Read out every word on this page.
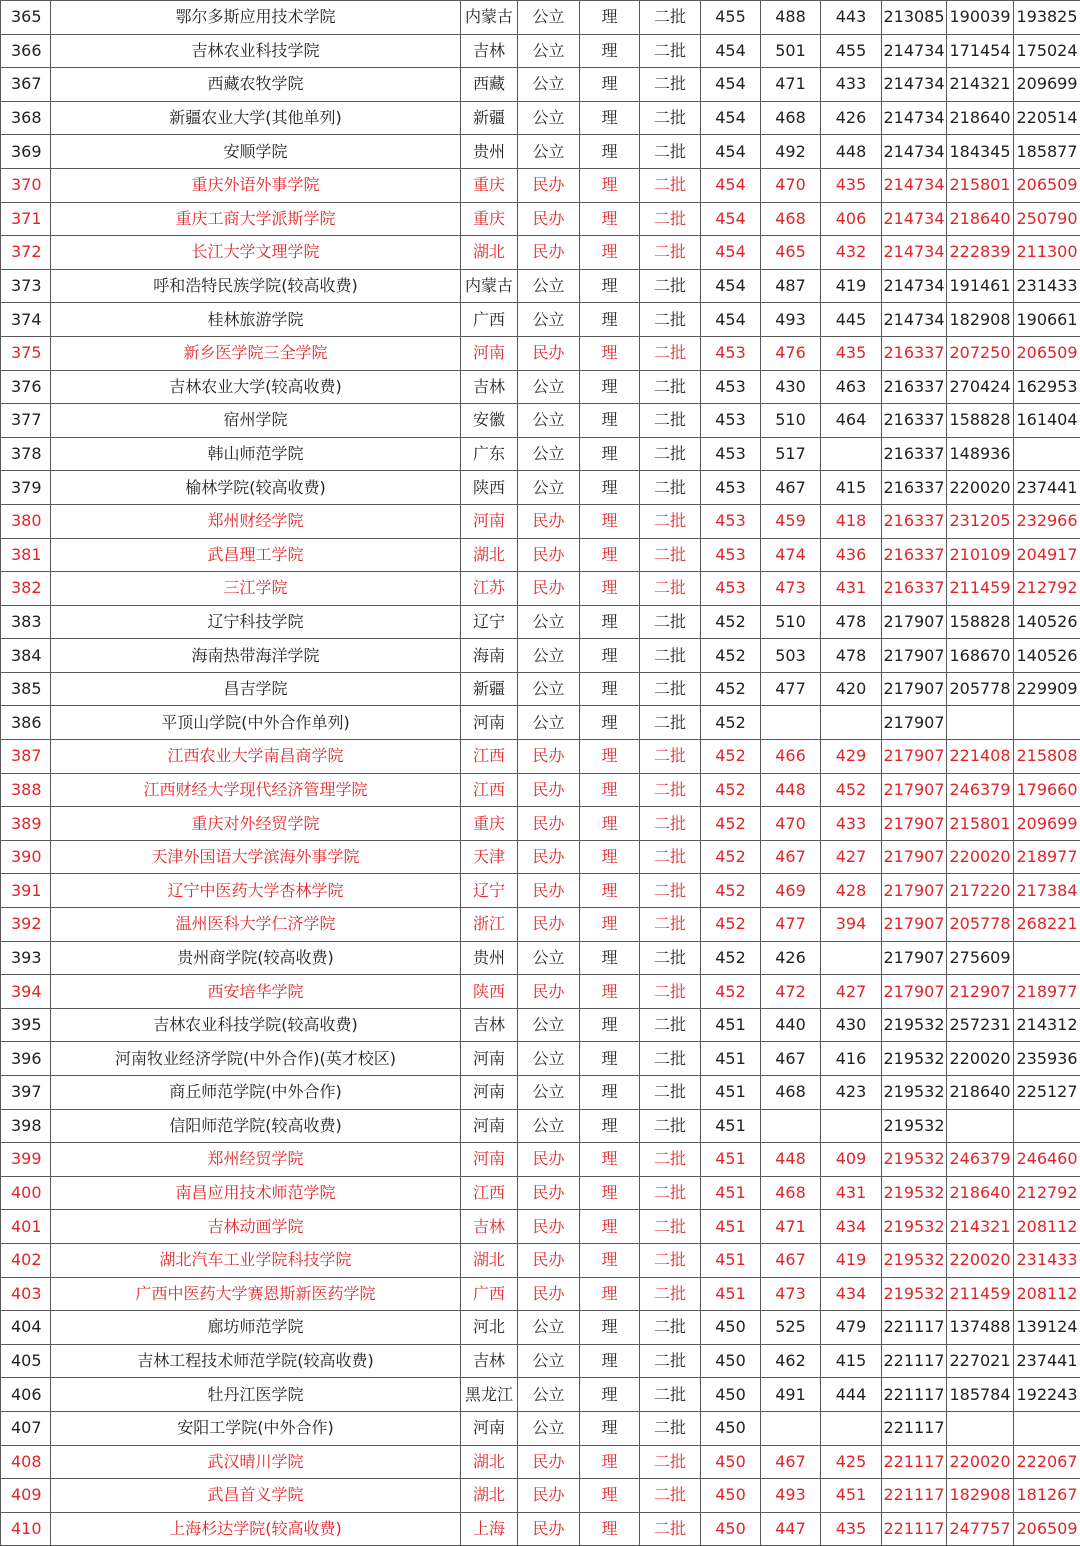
365	鄂尔多斯应用技术学院	内蒙古	公立	理	二批	455	488	443	213085	190039	193825
366	吉林农业科技学院	吉林	公立	理	二批	454	501	455	214734	171454	175024
367	西藏农牧学院	西藏	公立	理	二批	454	471	433	214734	214321	209699
368	新疆农业大学(其他单列)	新疆	公立	理	二批	454	468	426	214734	218640	220514
369	安顺学院	贵州	公立	理	二批	454	492	448	214734	184345	185877
370	重庆外语外事学院	重庆	民办	理	二批	454	470	435	214734	215801	206509
371	重庆工商大学派斯学院	重庆	民办	理	二批	454	468	406	214734	218640	250790
372	长江大学文理学院	湖北	民办	理	二批	454	465	432	214734	222839	211300
373	呼和浩特民族学院(较高收费)	内蒙古	公立	理	二批	454	487	419	214734	191461	231433
374	桂林旅游学院	广西	公立	理	二批	454	493	445	214734	182908	190661
375	新乡医学院三全学院	河南	民办	理	二批	453	476	435	216337	207250	206509
376	吉林农业大学(较高收费)	吉林	公立	理	二批	453	430	463	216337	270424	162953
377	宿州学院	安徽	公立	理	二批	453	510	464	216337	158828	161404
378	韩山师范学院	广东	公立	理	二批	453	517		216337	148936	
379	榆林学院(较高收费)	陕西	公立	理	二批	453	467	415	216337	220020	237441
380	郑州财经学院	河南	民办	理	二批	453	459	418	216337	231205	232966
381	武昌理工学院	湖北	民办	理	二批	453	474	436	216337	210109	204917
382	三江学院	江苏	民办	理	二批	453	473	431	216337	211459	212792
383	辽宁科技学院	辽宁	公立	理	二批	452	510	478	217907	158828	140526
384	海南热带海洋学院	海南	公立	理	二批	452	503	478	217907	168670	140526
385	昌吉学院	新疆	公立	理	二批	452	477	420	217907	205778	229909
386	平顶山学院(中外合作单列)	河南	公立	理	二批	452			217907		
387	江西农业大学南昌商学院	江西	民办	理	二批	452	466	429	217907	221408	215808
388	江西财经大学现代经济管理学院	江西	民办	理	二批	452	448	452	217907	246379	179660
389	重庆对外经贸学院	重庆	民办	理	二批	452	470	433	217907	215801	209699
390	天津外国语大学滨海外事学院	天津	民办	理	二批	452	467	427	217907	220020	218977
391	辽宁中医药大学杏林学院	辽宁	民办	理	二批	452	469	428	217907	217220	217384
392	温州医科大学仁济学院	浙江	民办	理	二批	452	477	394	217907	205778	268221
393	贵州商学院(较高收费)	贵州	公立	理	二批	452	426		217907	275609	
394	西安培华学院	陕西	民办	理	二批	452	472	427	217907	212907	218977
395	吉林农业科技学院(较高收费)	吉林	公立	理	二批	451	440	430	219532	257231	214312
396	河南牧业经济学院(中外合作)(英才校区)	河南	公立	理	二批	451	467	416	219532	220020	235936
397	商丘师范学院(中外合作)	河南	公立	理	二批	451	468	423	219532	218640	225127
398	信阳师范学院(较高收费)	河南	公立	理	二批	451			219532		
399	郑州经贸学院	河南	民办	理	二批	451	448	409	219532	246379	246460
400	南昌应用技术师范学院	江西	民办	理	二批	451	468	431	219532	218640	212792
401	吉林动画学院	吉林	民办	理	二批	451	471	434	219532	214321	208112
402	湖北汽车工业学院科技学院	湖北	民办	理	二批	451	467	419	219532	220020	231433
403	广西中医药大学赛恩斯新医药学院	广西	民办	理	二批	451	473	434	219532	211459	208112
404	廊坊师范学院	河北	公立	理	二批	450	525	479	221117	137488	139124
405	吉林工程技术师范学院(较高收费)	吉林	公立	理	二批	450	462	415	221117	227021	237441
406	牡丹江医学院	黑龙江	公立	理	二批	450	491	444	221117	185784	192243
407	安阳工学院(中外合作)	河南	公立	理	二批	450			221117		
408	武汉晴川学院	湖北	民办	理	二批	450	467	425	221117	220020	222067
409	武昌首义学院	湖北	民办	理	二批	450	493	451	221117	182908	181267
410	上海杉达学院(较高收费)	上海	民办	理	二批	450	447	435	221117	247757	206509
